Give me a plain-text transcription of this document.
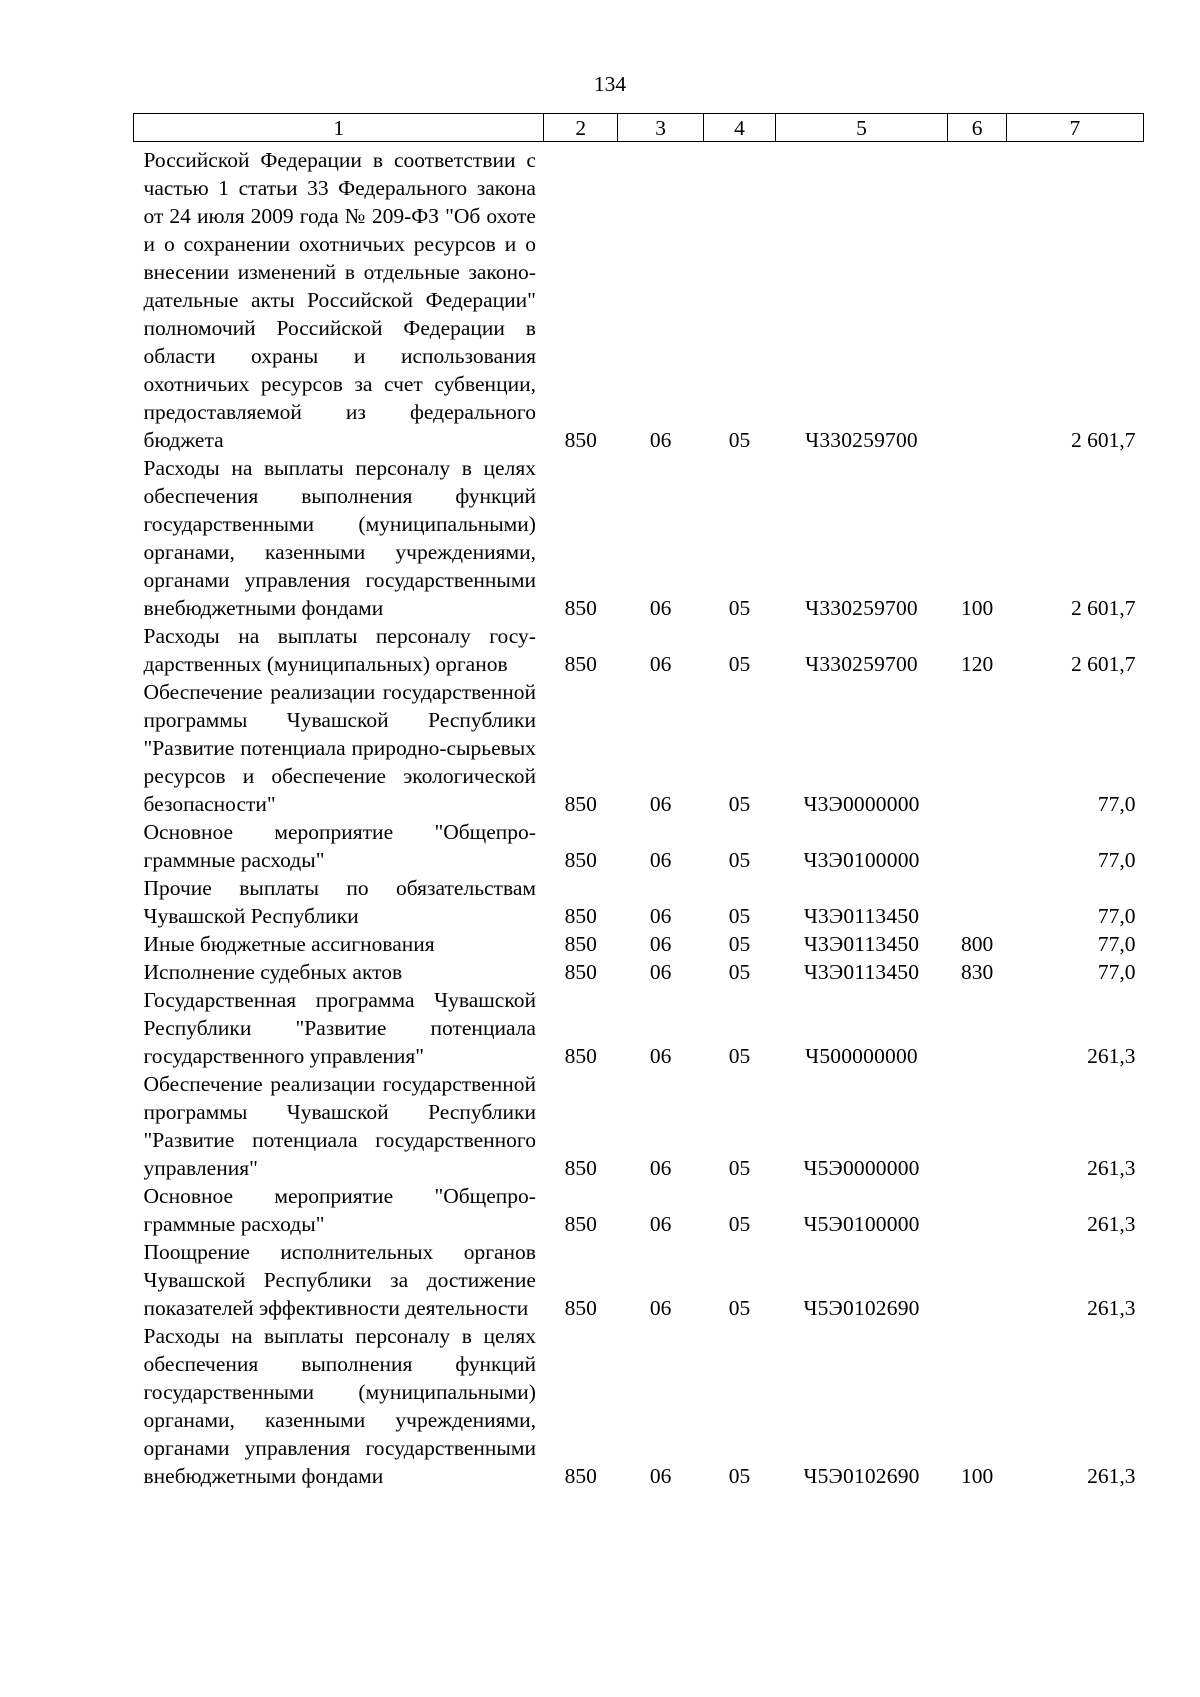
134
1	2	3	4	5	6	7
Российской Федерации в соответствии с частью 1 статьи 33 Федерального закона от 24 июля 2009 года № 209-ФЗ "Об охоте и о сохранении охотничьих ресурсов и о внесении изменений в отдельные законодательные акты Российской Федерации" полномочий Российской Федерации в области охраны и использования охотничьих ресурсов за счет субвенции, предоставляемой из федерального бюджета	850	06	05	Ч330259700		2 601,7
Расходы на выплаты персоналу в целях обеспечения выполнения функций государственными (муниципальными) органами, казенными учреждениями, органами управления государственными внебюджетными фондами	850	06	05	Ч330259700	100	2 601,7
Расходы на выплаты персоналу государственных (муниципальных) органов	850	06	05	Ч330259700	120	2 601,7
Обеспечение реализации государственной программы Чувашской Республики "Развитие потенциала природно-сырьевых ресурсов и обеспечение экологической безопасности"	850	06	05	Ч3Э0000000		77,0
Основное мероприятие "Общепрограммные расходы"	850	06	05	Ч3Э0100000		77,0
Прочие выплаты по обязательствам Чувашской Республики	850	06	05	Ч3Э0113450		77,0
Иные бюджетные ассигнования	850	06	05	Ч3Э0113450	800	77,0
Исполнение судебных актов	850	06	05	Ч3Э0113450	830	77,0
Государственная программа Чувашской Республики "Развитие потенциала государственного управления"	850	06	05	Ч500000000		261,3
Обеспечение реализации государственной программы Чувашской Республики "Развитие потенциала государственного управления"	850	06	05	Ч5Э0000000		261,3
Основное мероприятие "Общепрограммные расходы"	850	06	05	Ч5Э0100000		261,3
Поощрение исполнительных органов Чувашской Республики за достижение показателей эффективности деятельности	850	06	05	Ч5Э0102690		261,3
Расходы на выплаты персоналу в целях обеспечения выполнения функций государственными (муниципальными) органами, казенными учреждениями, органами управления государственными внебюджетными фондами	850	06	05	Ч5Э0102690	100	261,3
